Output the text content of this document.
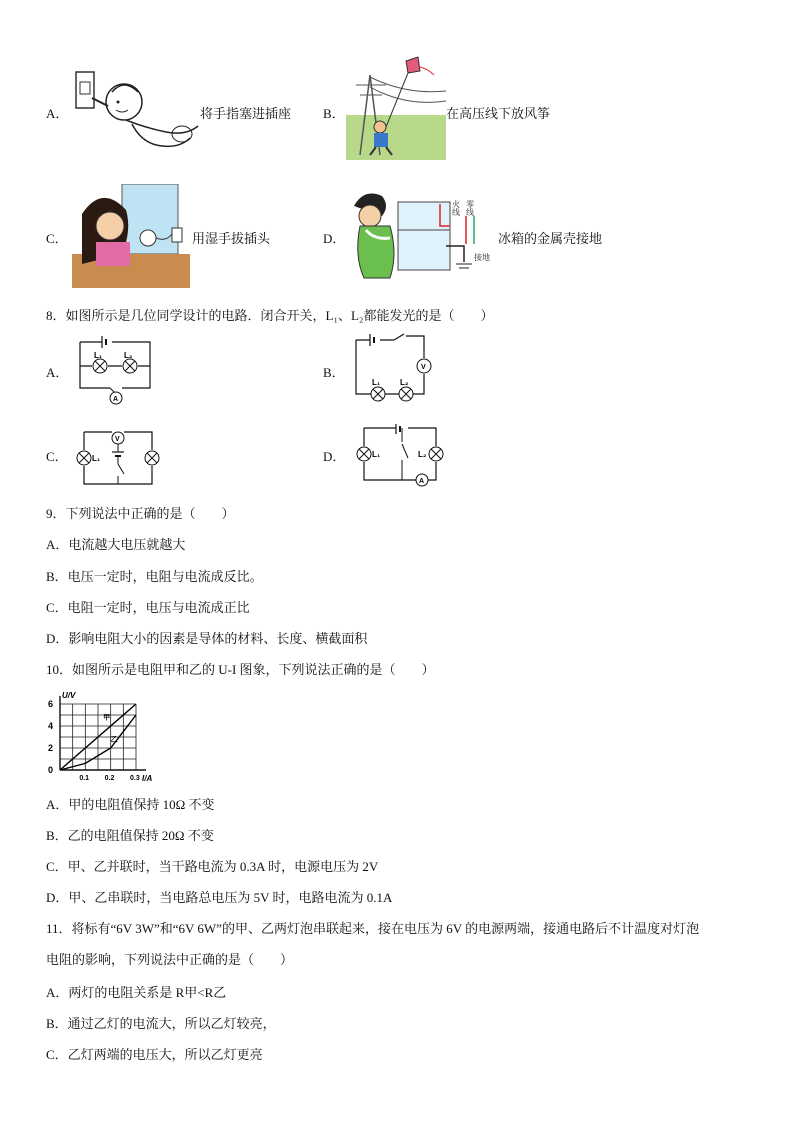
A．	将手指塞进插座 B．	在高压线下放风筝
C．	用湿手拔插头	D．
火线 零线
接地
冰箱的金属壳接地
8．如图所示是几位同学设计的电路．闭合开关，L₁、L₂都能发光的是（　　）
A．
L₁	L₂
A
B．	V
L₁ L₂
C．
V
L₁	D．	L₁	L₂
A
9．下列说法中正确的是（　　）
A．电流越大电压就越大
B．电压一定时，电阻与电流成反比。
C．电阻一定时，电压与电流成正比
D．影响电阻大小的因素是导体的材料、长度、横截面积
10．如图所示是电阻甲和乙的 U-I 图象，下列说法正确的是（　　）
甲
乙
0.1 0.2 0.3
0
2
4
6
U/V
I/A
A．甲的电阻值保持 10Ω 不变
B．乙的电阻值保持 20Ω 不变
C．甲、乙并联时，当干路电流为 0.3A 时，电源电压为 2V
D．甲、乙串联时，当电路总电压为 5V 时，电路电流为 0.1A
11．将标有“6V 3W”和“6V 6W”的甲、乙两灯泡串联起来，接在电压为 6V 的电源两端，接通电路后不计温度对灯泡
电阻的影响，下列说法中正确的是（　　）
A．两灯的电阻关系是 R甲<R乙
B．通过乙灯的电流大，所以乙灯较亮，
C．乙灯两端的电压大，所以乙灯更亮
